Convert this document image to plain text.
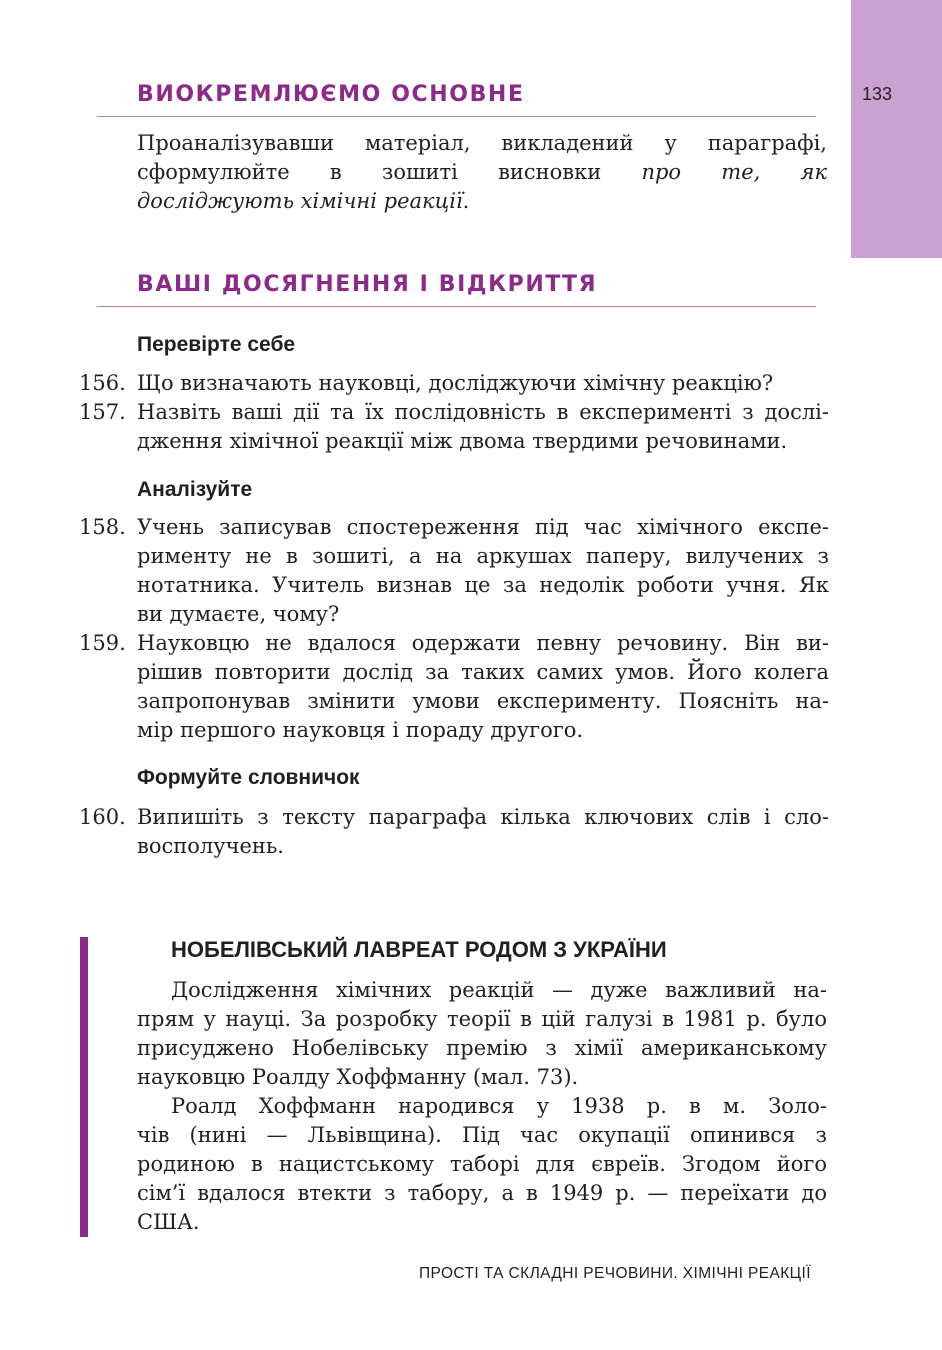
133
ВИОКРЕМЛЮЄМО ОСНОВНЕ
Проаналізувавши матеріал, викладений у параграфі,
сформулюйте в зошиті висновки про те, як
досліджують хімічні реакції.
ВАШІ ДОСЯГНЕННЯ І ВІДКРИТТЯ
Перевірте себе
156. Що визначають науковці, досліджуючи хімічну реакцію?
157. Назвіть ваші дії та їх послідовність в експерименті з дослі-
дження хімічної реакції між двома твердими речовинами.
Аналізуйте
158. Учень записував спостереження під час хімічного експе-
рименту не в зошиті, а на аркушах паперу, вилучених з
нотатника. Учитель визнав це за недолік роботи учня. Як
ви думаєте, чому?
159. Науковцю не вдалося одержати певну речовину. Він ви-
рішив повторити дослід за таких самих умов. Його колега
запропонував змінити умови експерименту. Поясніть на-
мір першого науковця і пораду другого.
Формуйте словничок
160. Випишіть з тексту параграфа кілька ключових слів і сло-
восполучень.
НОБЕЛІВСЬКИЙ ЛАВРЕАТ РОДОМ З УКРАЇНИ
Дослідження хімічних реакцій — дуже важливий на-
прям у науці. За розробку теорії в цій галузі в 1981 р. було
присуджено Нобелівську премію з хімії американському
науковцю Роалду Хоффманну (мал. 73).
Роалд Хоффманн народився у 1938 р. в м. Золо-
чів (нині — Львівщина). Під час окупації опинився з
родиною в нацистському таборі для євреїв. Згодом його
сім’ї вдалося втекти з табору, а в 1949 р. — переїхати до
США.
ПРОСТІ ТА СКЛАДНІ РЕЧОВИНИ. ХІМІЧНІ РЕАКЦІЇ
